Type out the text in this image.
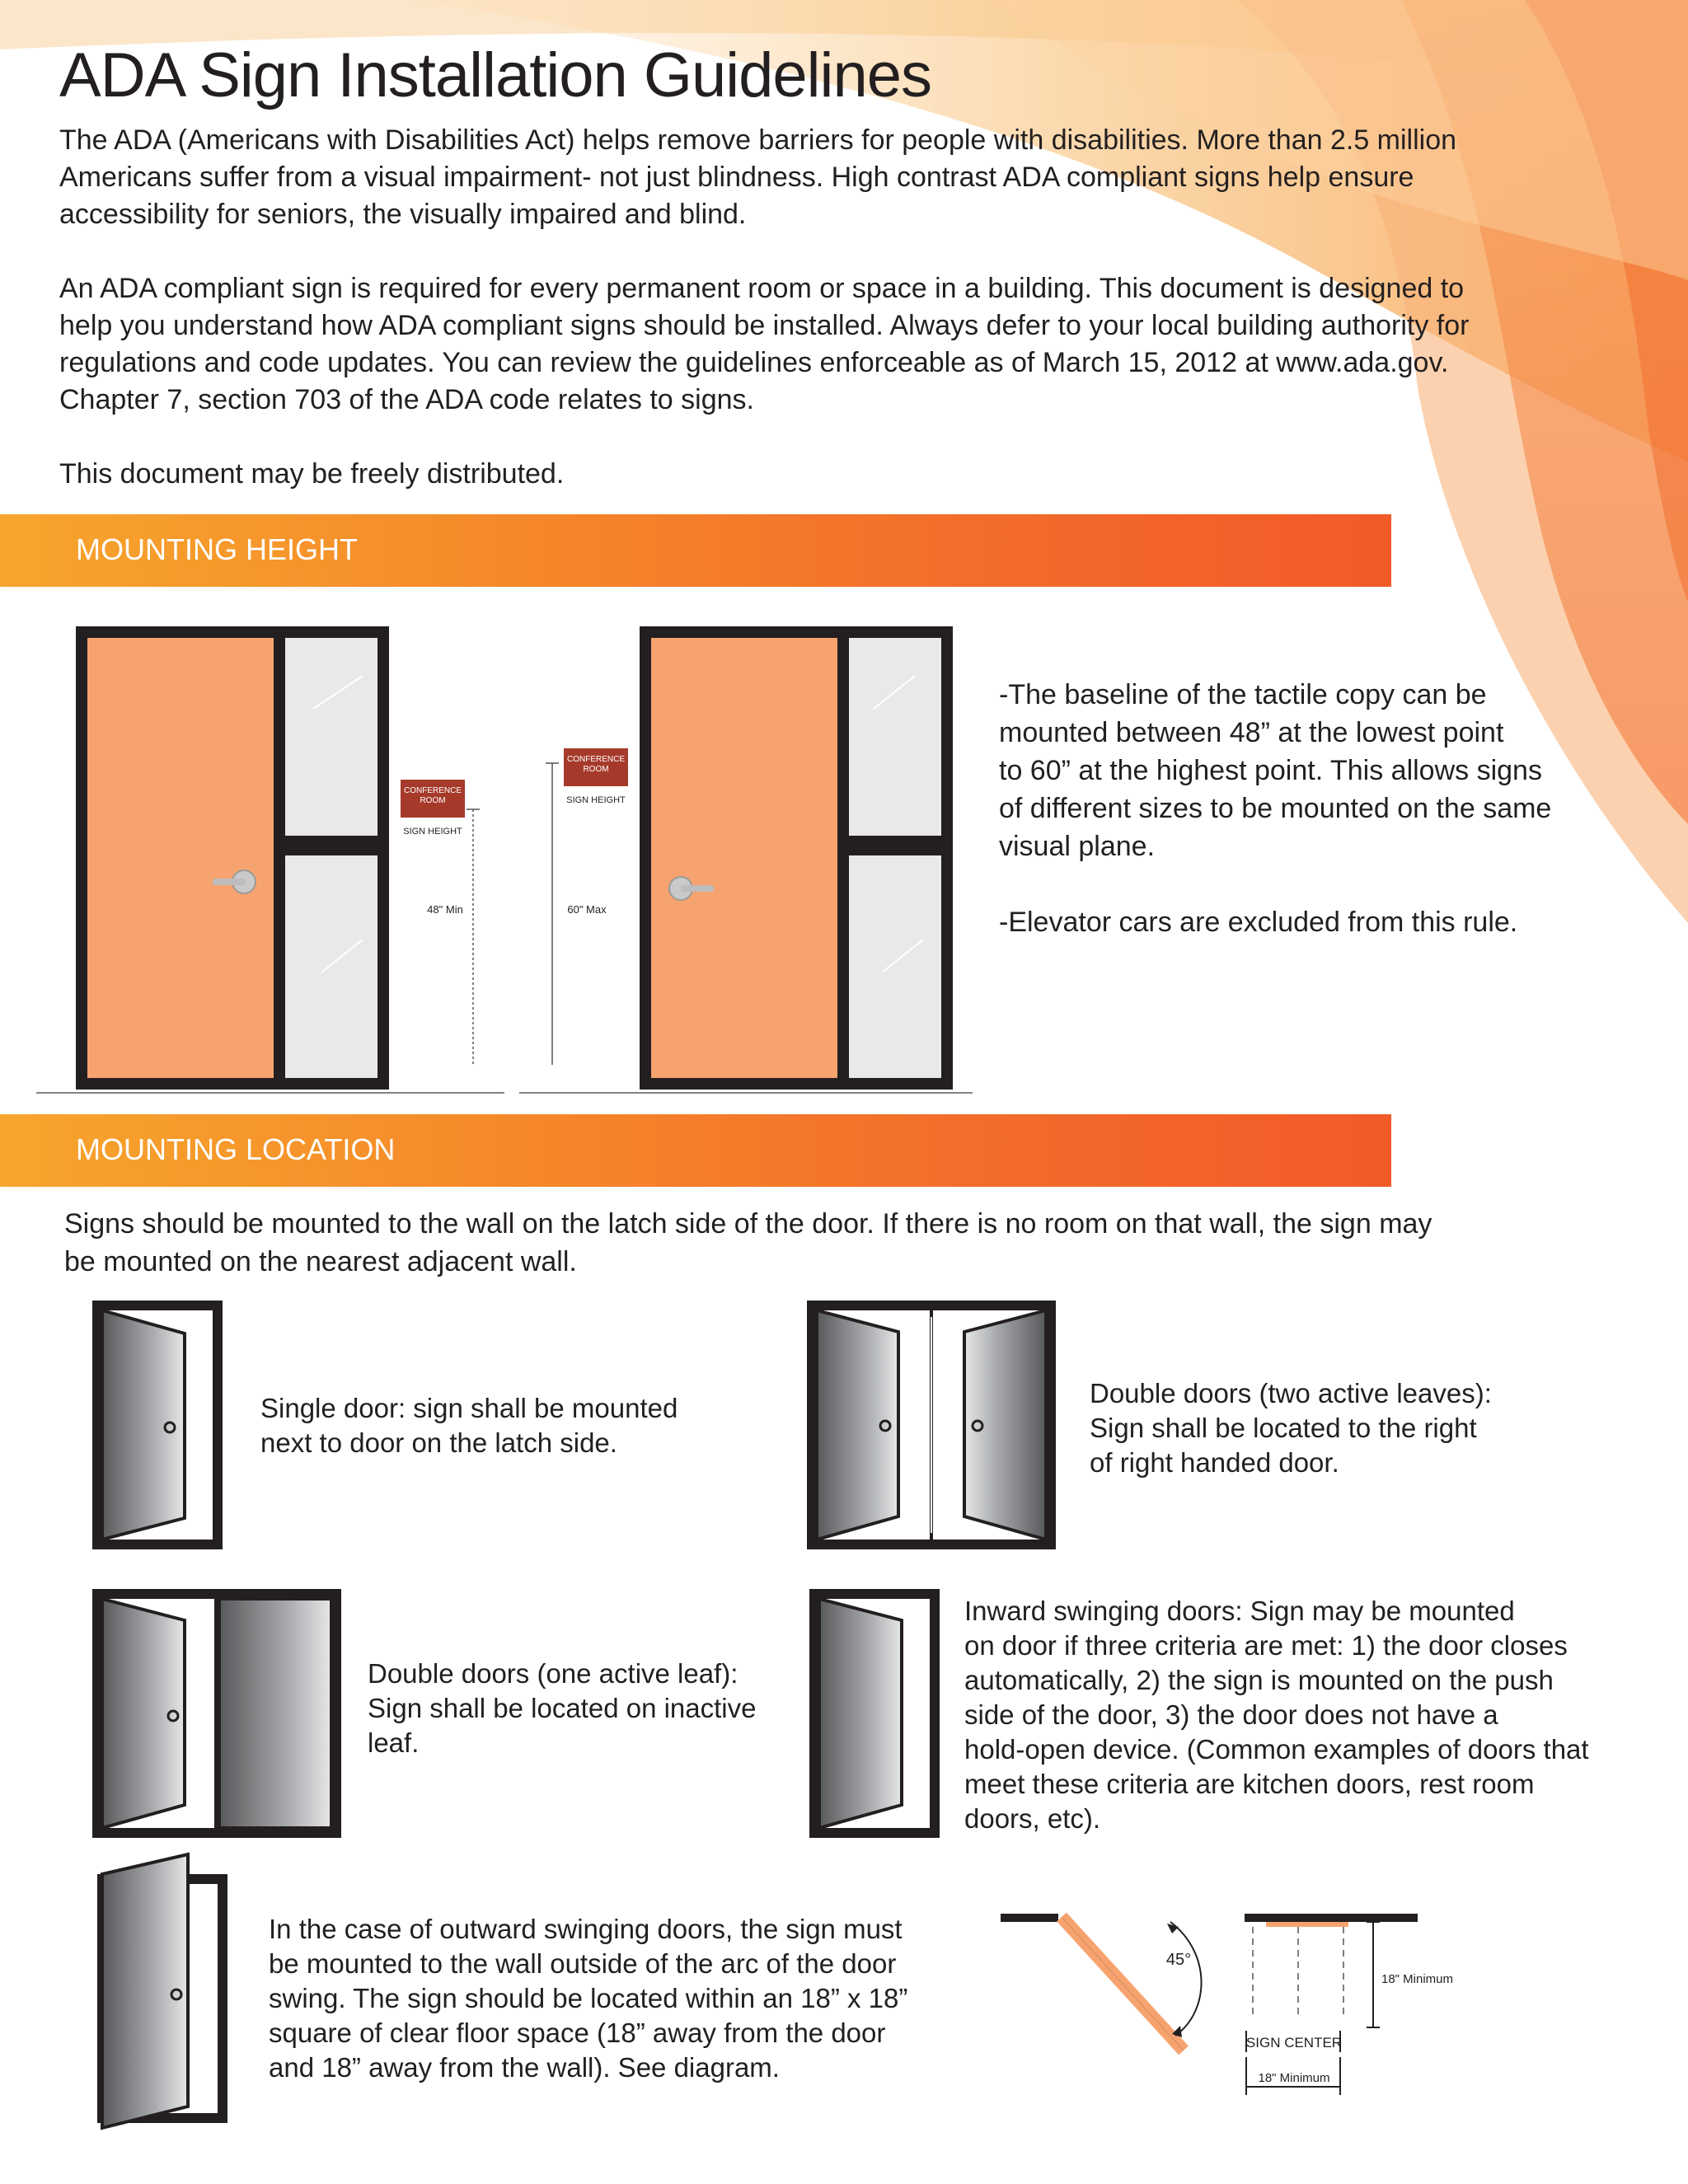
ADA Sign Installation Guidelines

The ADA (Americans with Disabilities Act) helps remove barriers for people with disabilities. More than 2.5 million

Americans suffer from a visual impairment- not just blindness. High contrast ADA compliant signs help ensure

accessibility for seniors, the visually impaired and blind.

An ADA compliant sign is required for every permanent room or space in a building. This document is designed to

help you understand how ADA compliant signs should be installed. Always defer to your local building authority for

regulations and code updates. You can review the guidelines enforceable as of March 15, 2012 at www.ada.gov.

Chapter 7, section 703 of the ADA code relates to signs.

This document may be freely distributed.

MOUNTING HEIGHT
CONFERENCE
ROOM
SIGN HEIGHT
48" Min
CONFERENCE
ROOM
SIGN HEIGHT
60" Max
-The baseline of the tactile copy can be
mounted between 48” at the lowest point
to 60” at the highest point. This allows signs
of different sizes to be mounted on the same
visual plane.
-Elevator cars are excluded from this rule.
MOUNTING LOCATION
Signs should be mounted to the wall on the latch side of the door. If there is no room on that wall, the sign may
be mounted on the nearest adjacent wall.
45°
18" Minimum
SIGN CENTER
18" Minimum
Single door: sign shall be mounted
next to door on the latch side.
Double doors (two active leaves):
Sign shall be located to the right
of right handed door.
Double doors (one active leaf):
Sign shall be located on inactive
leaf.
Inward swinging doors: Sign may be mounted
on door if three criteria are met: 1) the door closes
automatically, 2) the sign is mounted on the push
side of the door, 3) the door does not have a
hold-open device. (Common examples of doors that
meet these criteria are kitchen doors, rest room
doors, etc).
In the case of outward swinging doors, the sign must
be mounted to the wall outside of the arc of the door
swing. The sign should be located within an 18” x 18”
square of clear floor space (18” away from the door
and 18” away from the wall). See diagram.
